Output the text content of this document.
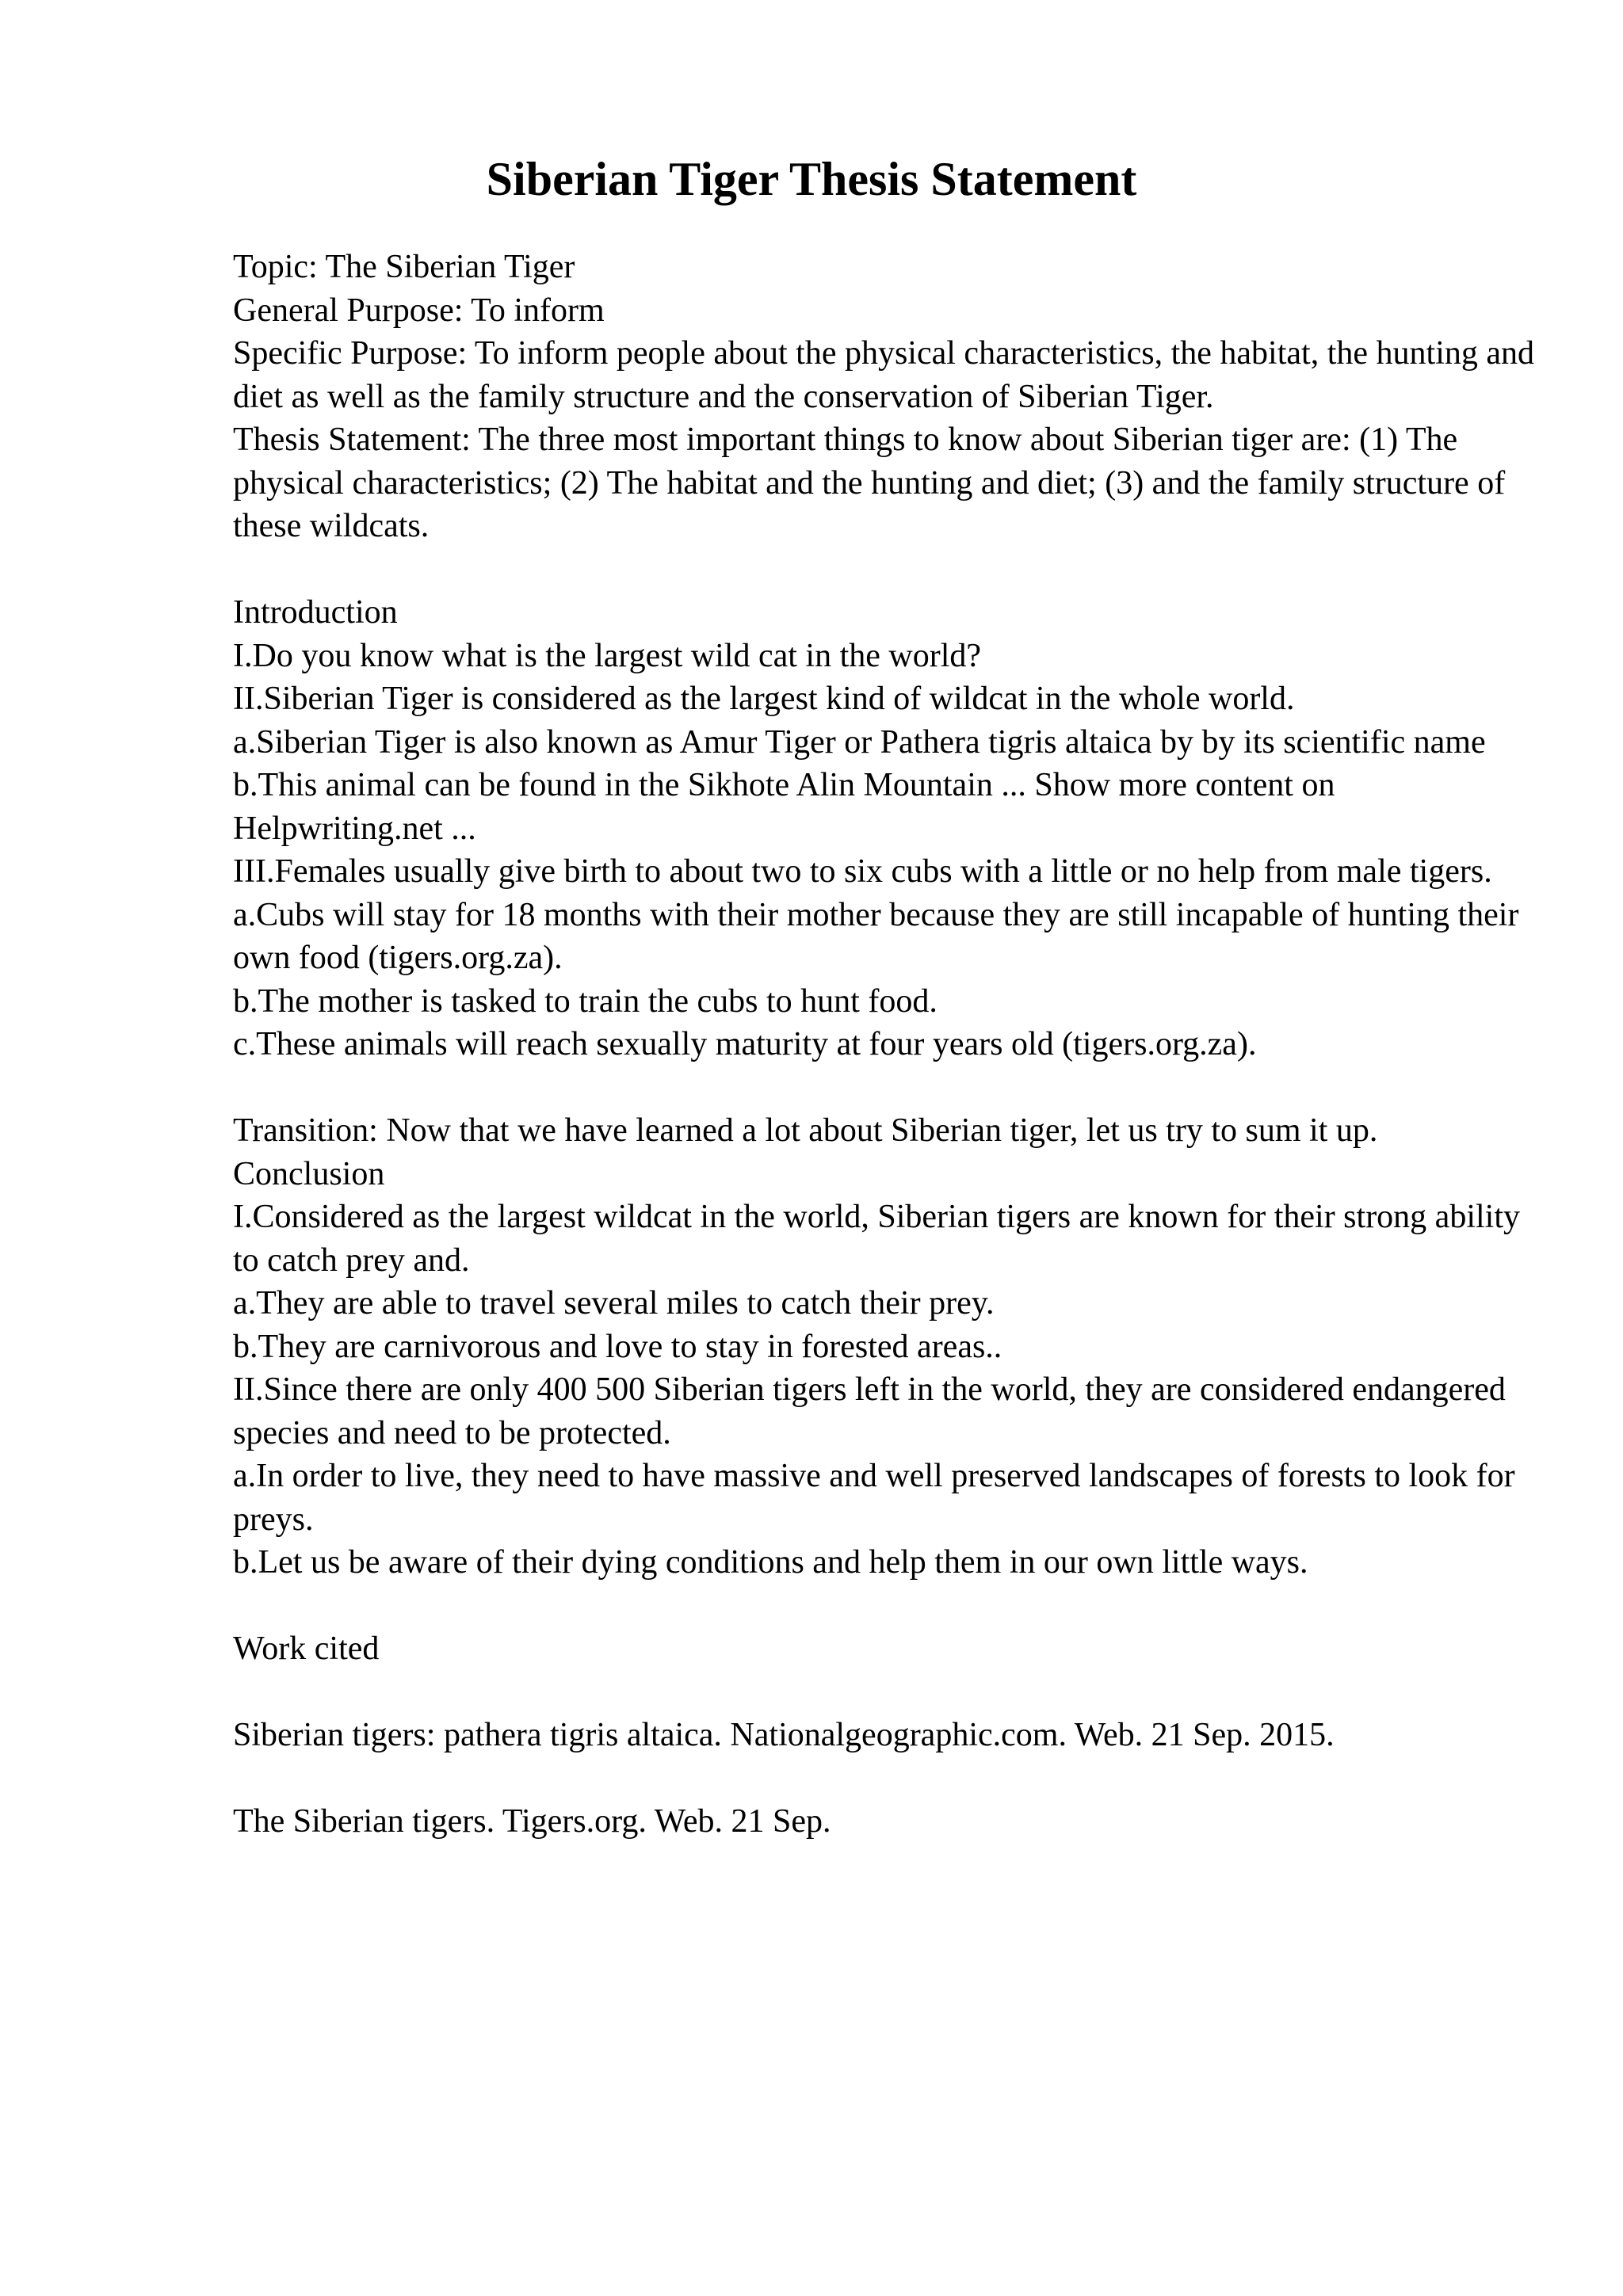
Siberian Tiger Thesis Statement

Topic: The Siberian Tiger

General Purpose: To inform

Specific Purpose: To inform people about the physical characteristics, the habitat, the hunting and diet as well as the family structure and the conservation of Siberian Tiger.

Thesis Statement: The three most important things to know about Siberian tiger are: (1) The physical characteristics; (2) The habitat and the hunting and diet; (3) and the family structure of these wildcats.

Introduction

I.Do you know what is the largest wild cat in the world?

II.Siberian Tiger is considered as the largest kind of wildcat in the whole world.

a.Siberian Tiger is also known as Amur Tiger or Pathera tigris altaica by by its scientific name

b.This animal can be found in the Sikhote Alin Mountain ... Show more content on Helpwriting.net ...

III.Females usually give birth to about two to six cubs with a little or no help from male tigers.

a.Cubs will stay for 18 months with their mother because they are still incapable of hunting their own food (tigers.org.za).

b.The mother is tasked to train the cubs to hunt food.

c.These animals will reach sexually maturity at four years old (tigers.org.za).

Transition: Now that we have learned a lot about Siberian tiger, let us try to sum it up.

Conclusion

I.Considered as the largest wildcat in the world, Siberian tigers are known for their strong ability to catch prey and.

a.They are able to travel several miles to catch their prey.

b.They are carnivorous and love to stay in forested areas..

II.Since there are only 400 500 Siberian tigers left in the world, they are considered endangered species and need to be protected.

a.In order to live, they need to have massive and well preserved landscapes of forests to look for preys.

b.Let us be aware of their dying conditions and help them in our own little ways.

Work cited

Siberian tigers: pathera tigris altaica. Nationalgeographic.com. Web. 21 Sep. 2015.

The Siberian tigers. Tigers.org. Web. 21 Sep.
